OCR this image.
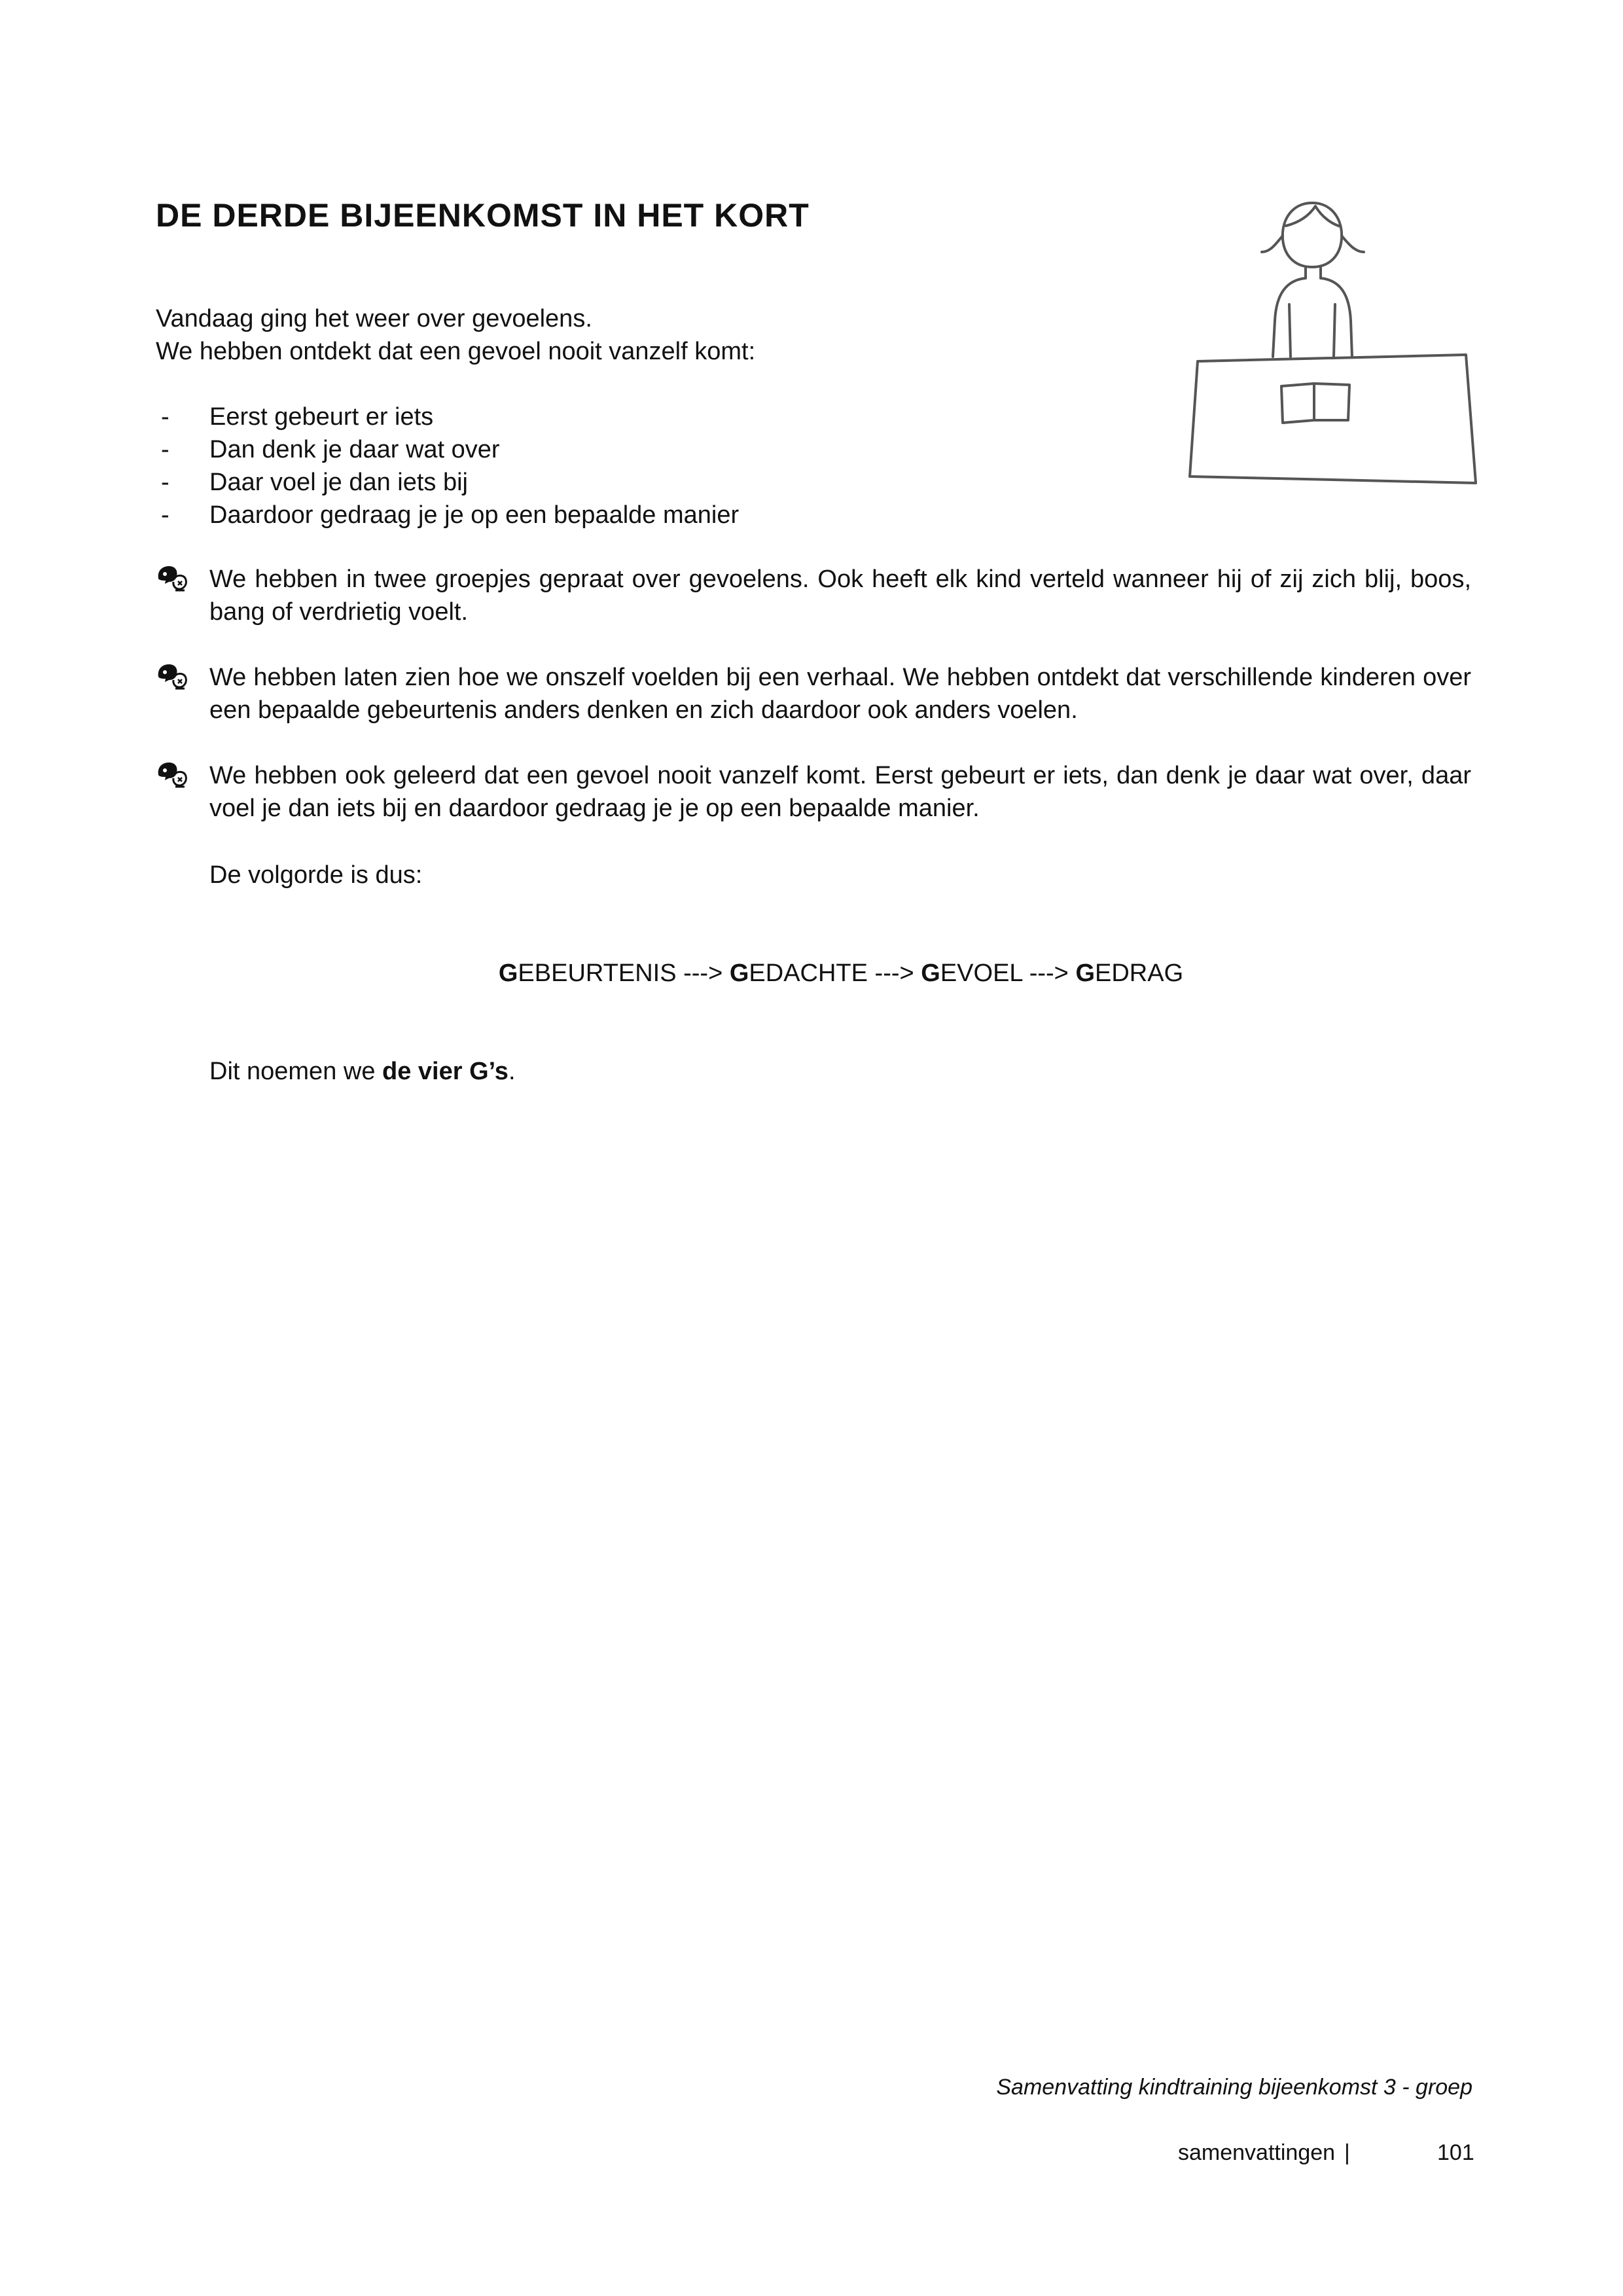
DE DERDE BIJEENKOMST IN HET KORT
Vandaag ging het weer over gevoelens.
We hebben ontdekt dat een gevoel nooit vanzelf komt:
- Eerst gebeurt er iets
- Dan denk je daar wat over
- Daar voel je dan iets bij
- Daardoor gedraag je je op een bepaalde manier

We hebben in twee groepjes gepraat over gevoelens. Ook heeft elk kind verteld wanneer hij of zij zich blij, boos, bang of verdrietig voelt.

We hebben laten zien hoe we onszelf voelden bij een verhaal. We hebben ontdekt dat verschillende kinderen over een bepaalde gebeurtenis anders denken en zich daardoor ook anders voelen.

We hebben ook geleerd dat een gevoel nooit vanzelf komt. Eerst gebeurt er iets, dan denk je daar wat over, daar voel je dan iets bij en daardoor gedraag je je op een bepaalde manier.

De volgorde is dus:
GEBEURTENIS ---> GEDACHTE ---> GEVOEL ---> GEDRAG
Dit noemen we de vier G’s.
Samenvatting kindtraining bijeenkomst 3 - groep
samenvattingen |	101
